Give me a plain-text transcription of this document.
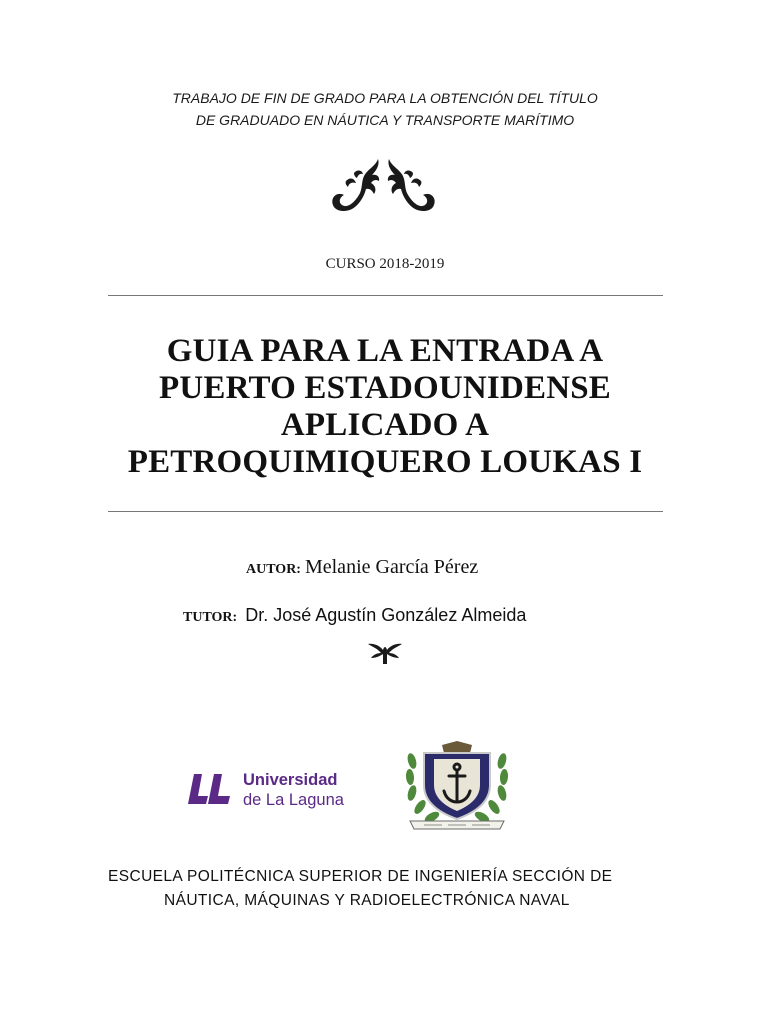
TRABAJO DE FIN DE GRADO PARA LA OBTENCIÓN DEL TÍTULO
DE GRADUADO EN NÁUTICA Y TRANSPORTE MARÍTIMO
CURSO 2018-2019
GUIA PARA LA ENTRADA A
PUERTO ESTADOUNIDENSE
APLICADO A
PETROQUIMIQUERO LOUKAS I
AUTOR: Melanie García Pérez
TUTOR: Dr. José Agustín González Almeida
Universidad
de La Laguna
ESCUELA POLITÉCNICA SUPERIOR DE INGENIERÍA SECCIÓN DE
NÁUTICA, MÁQUINAS Y RADIOELECTRÓNICA NAVAL
